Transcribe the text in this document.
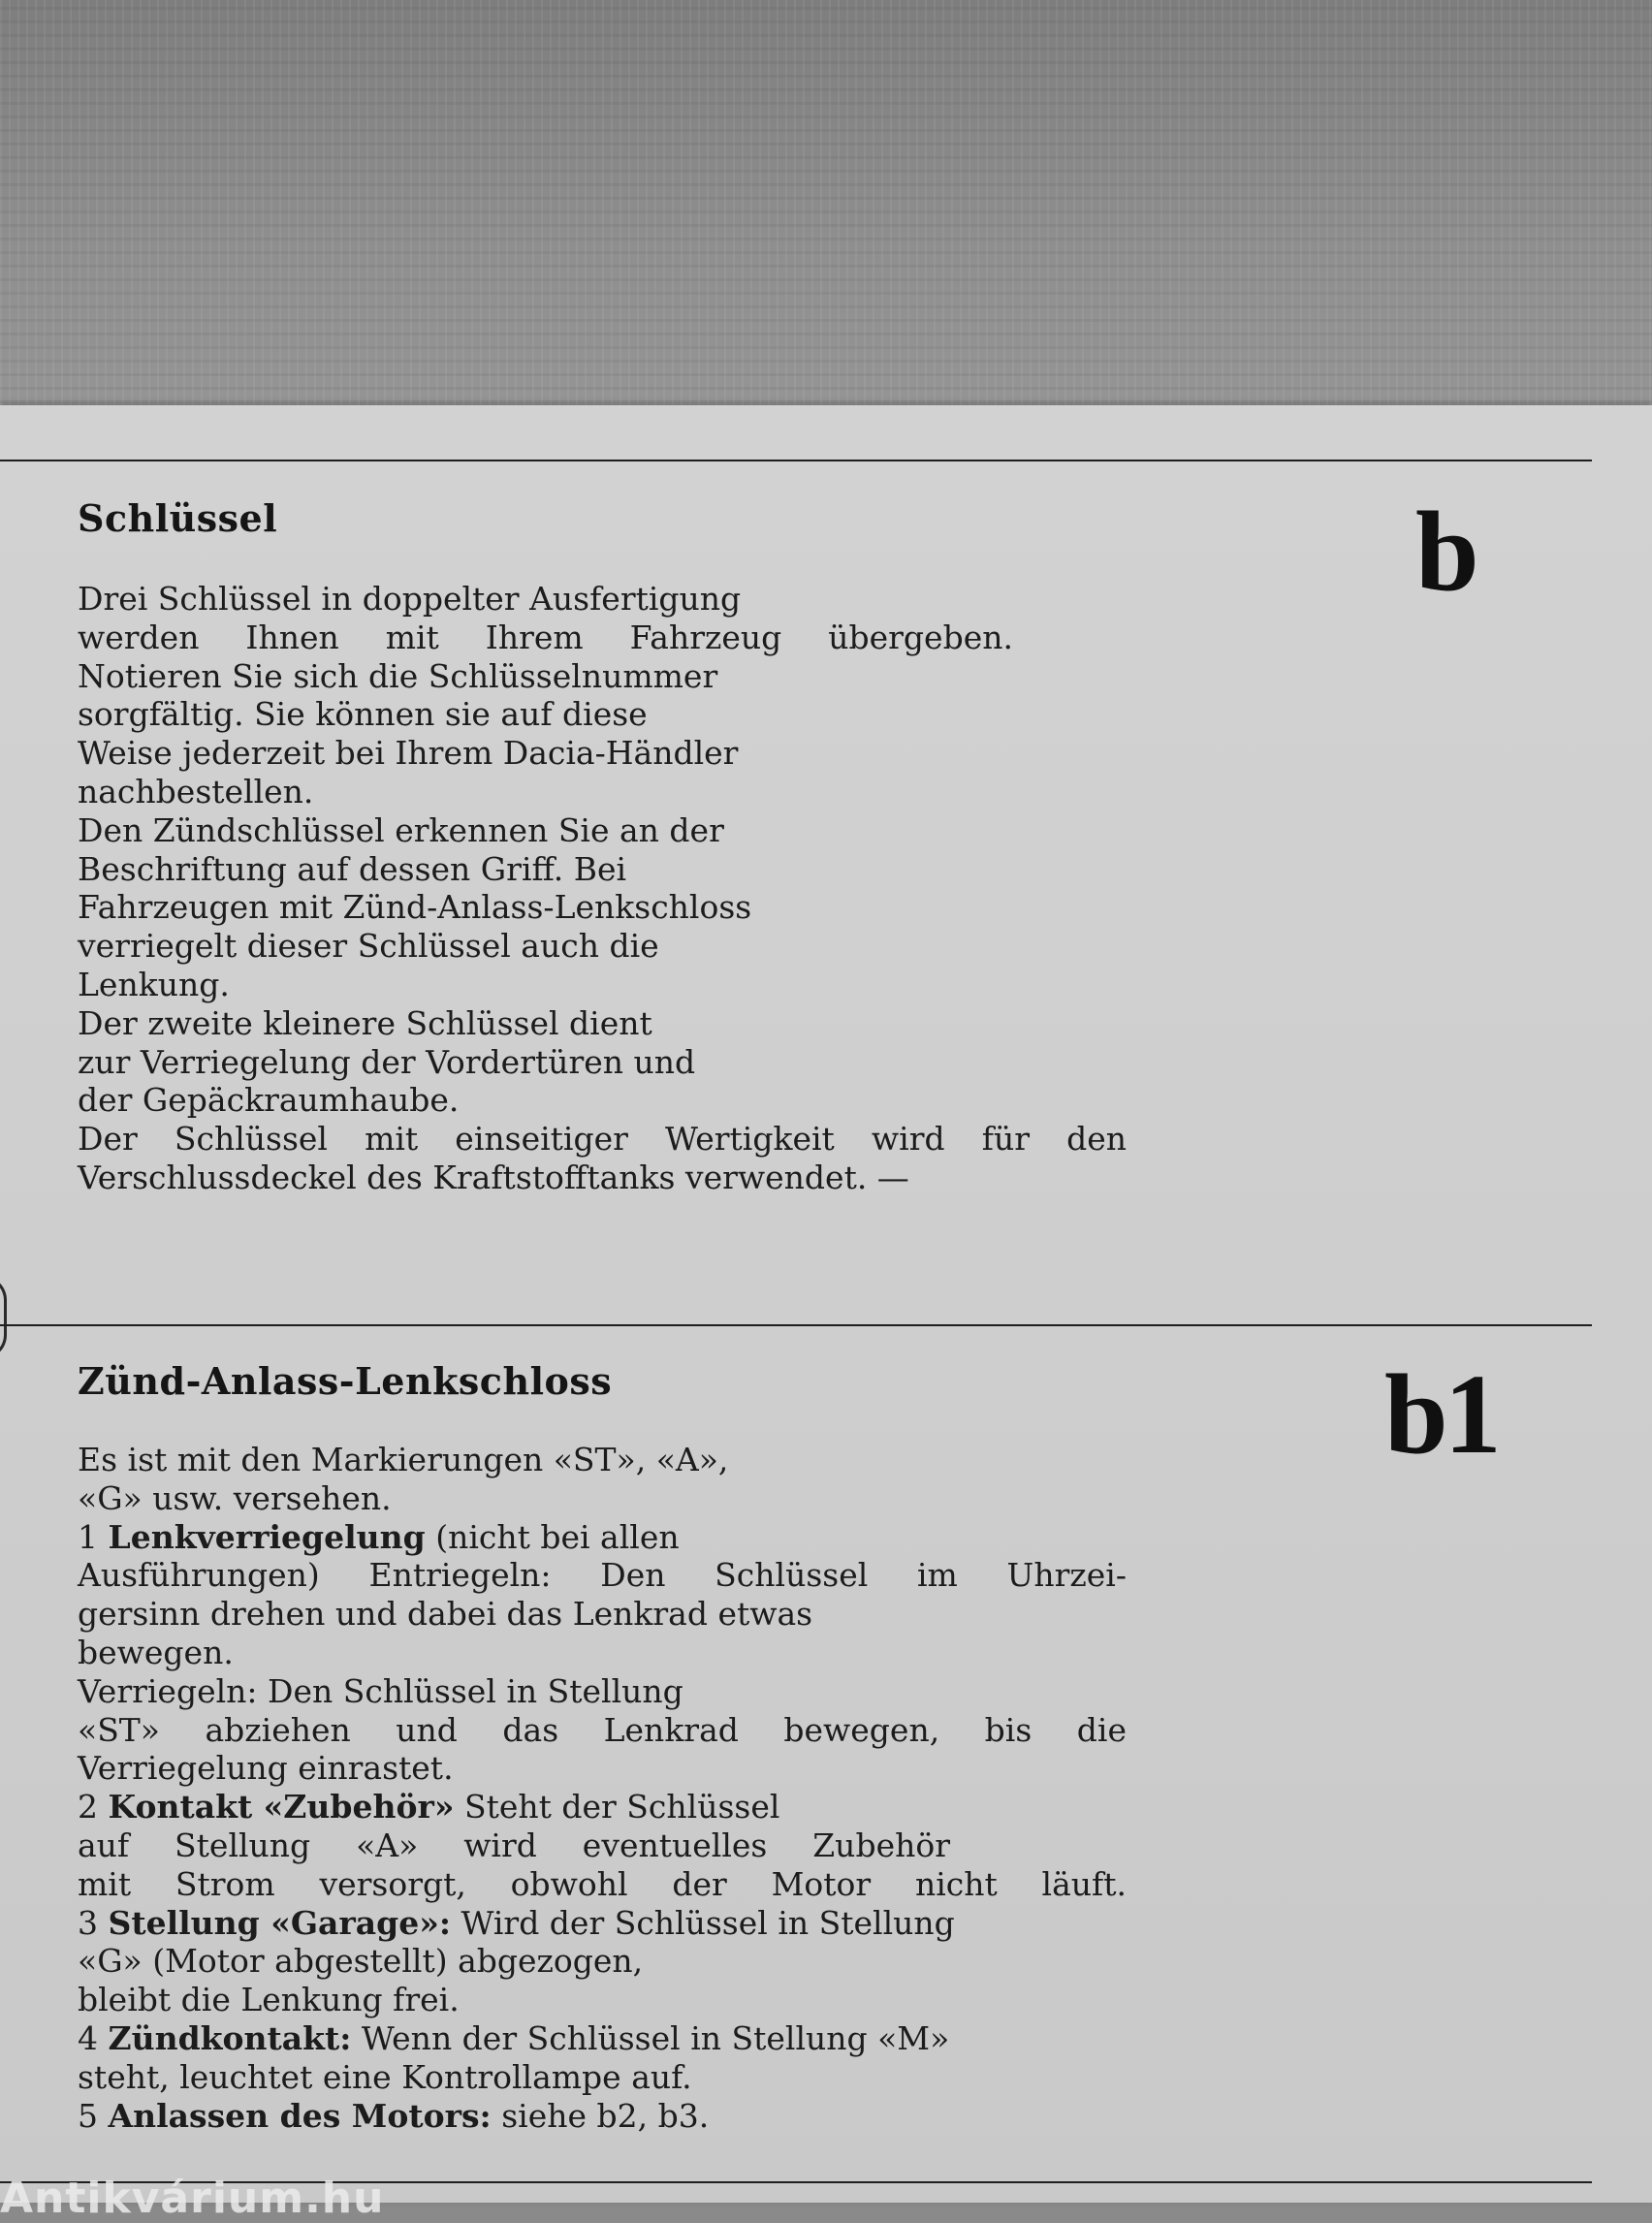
Schlüssel	b
Drei Schlüssel in doppelter Ausfertigung
werden Ihnen mit Ihrem Fahrzeug übergeben.
Notieren Sie sich die Schlüsselnummer
sorgfältig. Sie können sie auf diese
Weise jederzeit bei Ihrem Dacia-Händler
nachbestellen.
Den Zündschlüssel erkennen Sie an der
Beschriftung auf dessen Griff. Bei
Fahrzeugen mit Zünd-Anlass-Lenkschloss
verriegelt dieser Schlüssel auch die
Lenkung.
Der zweite kleinere Schlüssel dient
zur Verriegelung der Vordertüren und
der Gepäckraumhaube.
Der Schlüssel mit einseitiger Wertigkeit wird für den
Verschlussdeckel des Kraftstofftanks verwendet. —
Zünd-Anlass-Lenkschloss	b1
Es ist mit den Markierungen «ST», «A»,
«G» usw. versehen.
1 Lenkverriegelung (nicht bei allen
Ausführungen) Entriegeln: Den Schlüssel im Uhrzei-
gersinn drehen und dabei das Lenkrad etwas
bewegen.
Verriegeln: Den Schlüssel in Stellung
«ST» abziehen und das Lenkrad bewegen, bis die
Verriegelung einrastet.
2 Kontakt «Zubehör» Steht der Schlüssel
auf Stellung «A» wird eventuelles Zubehör
mit Strom versorgt, obwohl der Motor nicht läuft.
3 Stellung «Garage»: Wird der Schlüssel in Stellung
«G» (Motor abgestellt) abgezogen,
bleibt die Lenkung frei.
4 Zündkontakt: Wenn der Schlüssel in Stellung «M»
steht, leuchtet eine Kontrollampe auf.
5 Anlassen des Motors: siehe b2, b3.

Antikvárium.hu
